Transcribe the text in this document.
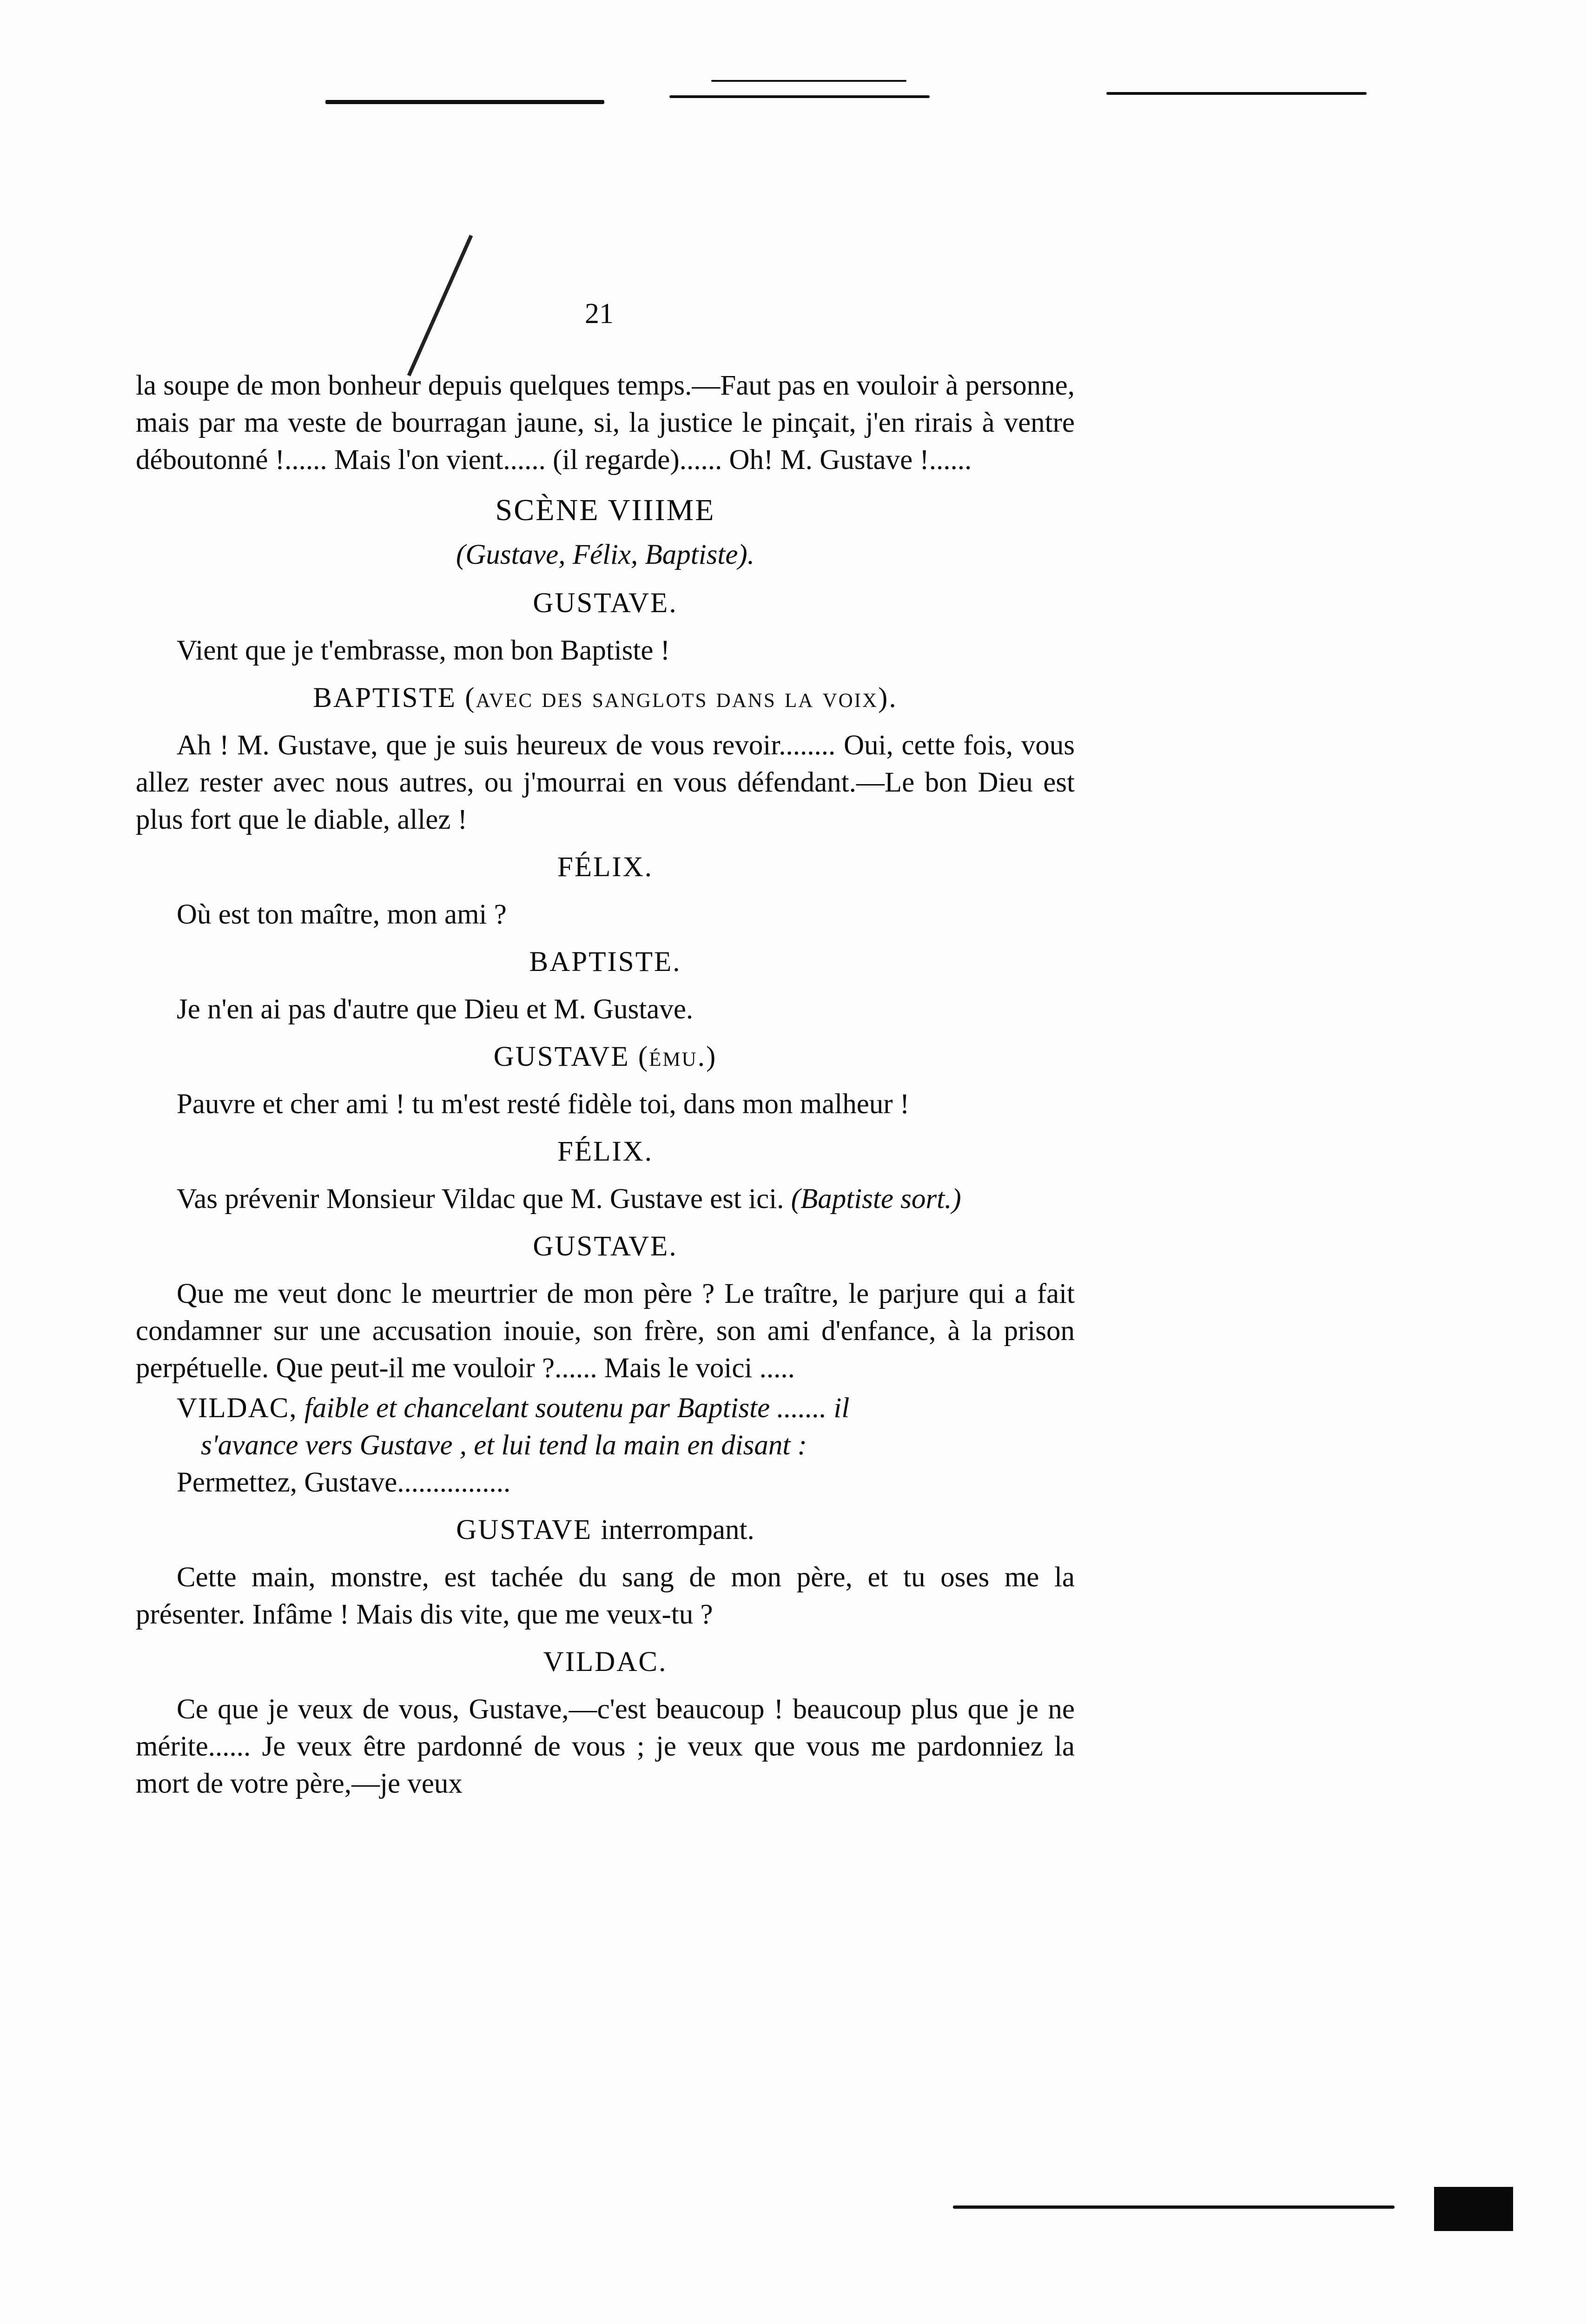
21

la soupe de mon bonheur depuis quelques temps.—Faut pas en vouloir à personne, mais par ma veste de bourragan jaune, si, la justice le pinçait, j'en rirais à ventre déboutonné !...... Mais l'on vient...... (il regarde)...... Oh! M. Gustave !......

SCÈNE VIIIME
(Gustave, Félix, Baptiste).
GUSTAVE.

Vient que je t'embrasse, mon bon Baptiste !

BAPTISTE (avec des sanglots dans la voix).

Ah ! M. Gustave, que je suis heureux de vous revoir........ Oui, cette fois, vous allez rester avec nous autres, ou j'mourrai en vous défendant.—Le bon Dieu est plus fort que le diable, allez !

FÉLIX.

Où est ton maître, mon ami ?

BAPTISTE.

Je n'en ai pas d'autre que Dieu et M. Gustave.

GUSTAVE (ému.)

Pauvre et cher ami ! tu m'est resté fidèle toi, dans mon malheur !

FÉLIX.

Vas prévenir Monsieur Vildac que M. Gustave est ici. (Baptiste sort.)

GUSTAVE.

Que me veut donc le meurtrier de mon père ? Le traître, le parjure qui a fait condamner sur une accusation inouie, son frère, son ami d'enfance, à la prison perpétuelle. Que peut-il me vouloir ?...... Mais le voici .....

VILDAC, faible et chancelant soutenu par Baptiste ....... il
s'avance vers Gustave , et lui tend la main en disant :

Permettez, Gustave................

GUSTAVE interrompant.

Cette main, monstre, est tachée du sang de mon père, et tu oses me la présenter. Infâme ! Mais dis vite, que me veux-tu ?

VILDAC.

Ce que je veux de vous, Gustave,—c'est beaucoup ! beaucoup plus que je ne mérite...... Je veux être pardonné de vous ; je veux que vous me pardonniez la mort de votre père,—je veux
